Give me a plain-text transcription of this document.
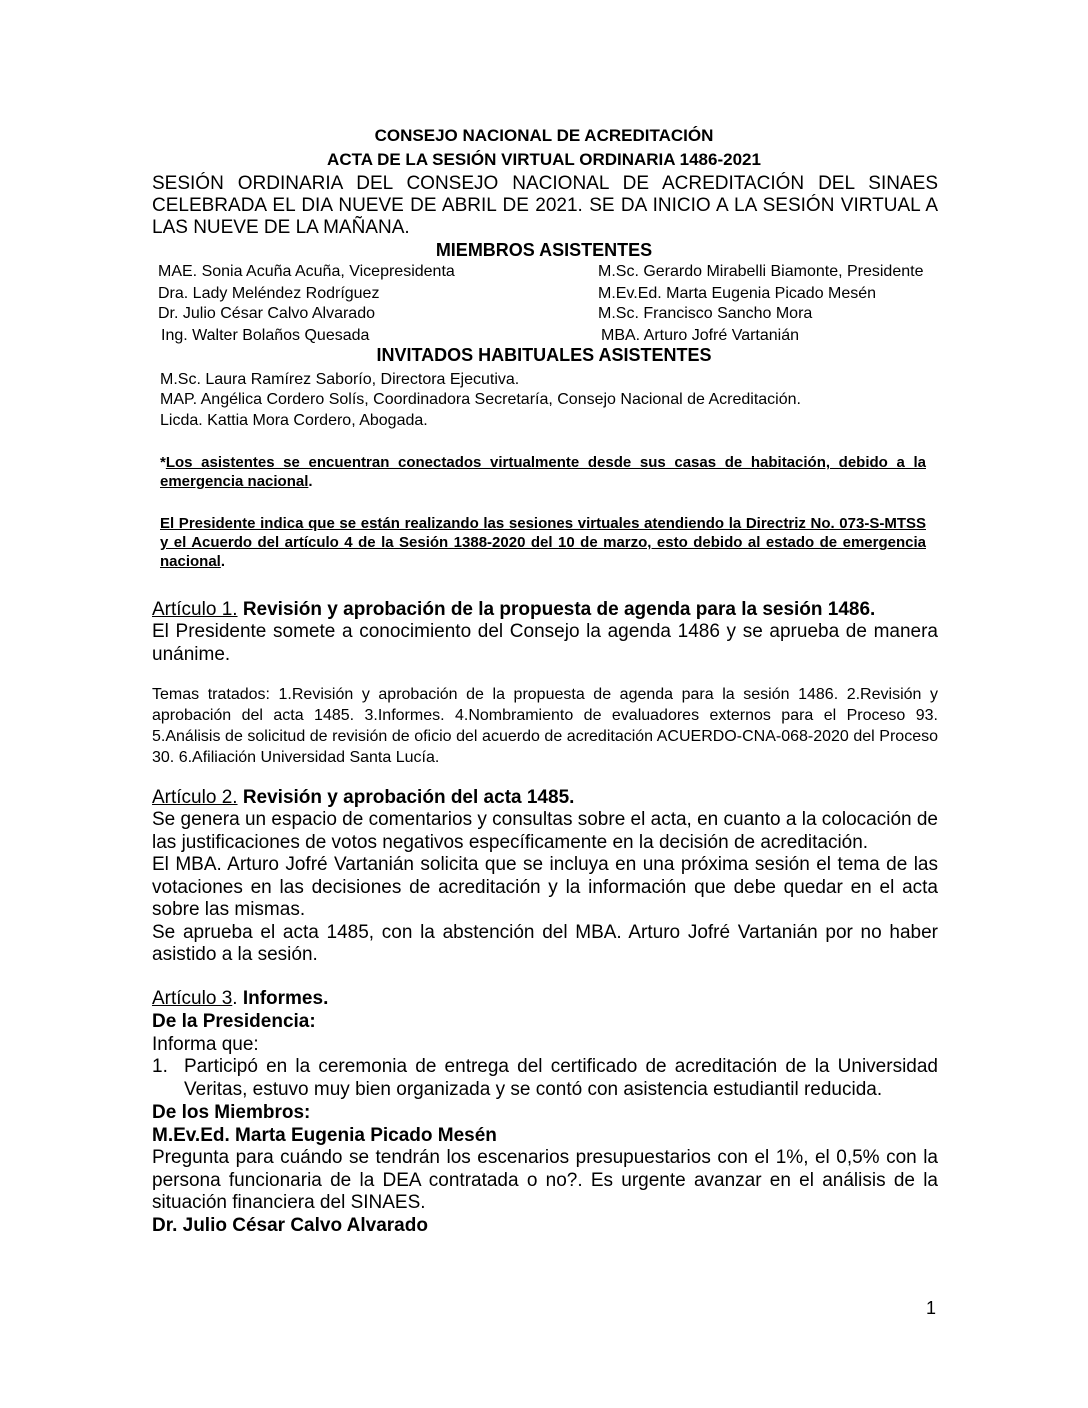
CONSEJO NACIONAL DE ACREDITACIÓN
ACTA DE LA SESIÓN VIRTUAL ORDINARIA 1486-2021
SESIÓN ORDINARIA DEL CONSEJO NACIONAL DE ACREDITACIÓN DEL SINAES CELEBRADA EL DIA NUEVE DE ABRIL DE 2021. SE DA INICIO A LA SESIÓN VIRTUAL A LAS NUEVE DE LA MAÑANA.
MIEMBROS ASISTENTES
MAE. Sonia Acuña Acuña, Vicepresidenta
Dra. Lady Meléndez Rodríguez
Dr. Julio César Calvo Alvarado
Ing. Walter Bolaños Quesada
M.Sc. Gerardo Mirabelli Biamonte, Presidente
M.Ev.Ed. Marta Eugenia Picado Mesén
M.Sc. Francisco Sancho Mora
MBA. Arturo Jofré Vartanián
INVITADOS HABITUALES ASISTENTES
M.Sc. Laura Ramírez Saborío, Directora Ejecutiva.
MAP. Angélica Cordero Solís, Coordinadora Secretaría, Consejo Nacional de Acreditación.
Licda. Kattia Mora Cordero, Abogada.
*Los asistentes se encuentran conectados virtualmente desde sus casas de habitación, debido a la emergencia nacional.
El Presidente indica que se están realizando las sesiones virtuales atendiendo la Directriz No. 073-S-MTSS y el Acuerdo del artículo 4 de la Sesión 1388-2020 del 10 de marzo, esto debido al estado de emergencia nacional.
Artículo 1. Revisión y aprobación de la propuesta de agenda para la sesión 1486.
El Presidente somete a conocimiento del Consejo la agenda 1486 y se aprueba de manera unánime.
Temas tratados: 1.Revisión y aprobación de la propuesta de agenda para la sesión 1486. 2.Revisión y aprobación del acta 1485. 3.Informes. 4.Nombramiento de evaluadores externos para el Proceso 93. 5.Análisis de solicitud de revisión de oficio del acuerdo de acreditación ACUERDO-CNA-068-2020 del Proceso 30. 6.Afiliación Universidad Santa Lucía.
Artículo 2. Revisión y aprobación del acta 1485.

Se genera un espacio de comentarios y consultas sobre el acta, en cuanto a la colocación de las justificaciones de votos negativos específicamente en la decisión de acreditación.

El MBA. Arturo Jofré Vartanián solicita que se incluya en una próxima sesión el tema de las votaciones en las decisiones de acreditación y la información que debe quedar en el acta sobre las mismas.

Se aprueba el acta 1485, con la abstención del MBA. Arturo Jofré Vartanián por no haber asistido a la sesión.

Artículo 3. Informes.
De la Presidencia:
Informa que:
1. Participó en la ceremonia de entrega del certificado de acreditación de la Universidad Veritas, estuvo muy bien organizada y se contó con asistencia estudiantil reducida.
De los Miembros:
M.Ev.Ed. Marta Eugenia Picado Mesén
Pregunta para cuándo se tendrán los escenarios presupuestarios con el 1%, el 0,5% con la persona funcionaria de la DEA contratada o no?. Es urgente avanzar en el análisis de la situación financiera del SINAES.
Dr. Julio César Calvo Alvarado
1
